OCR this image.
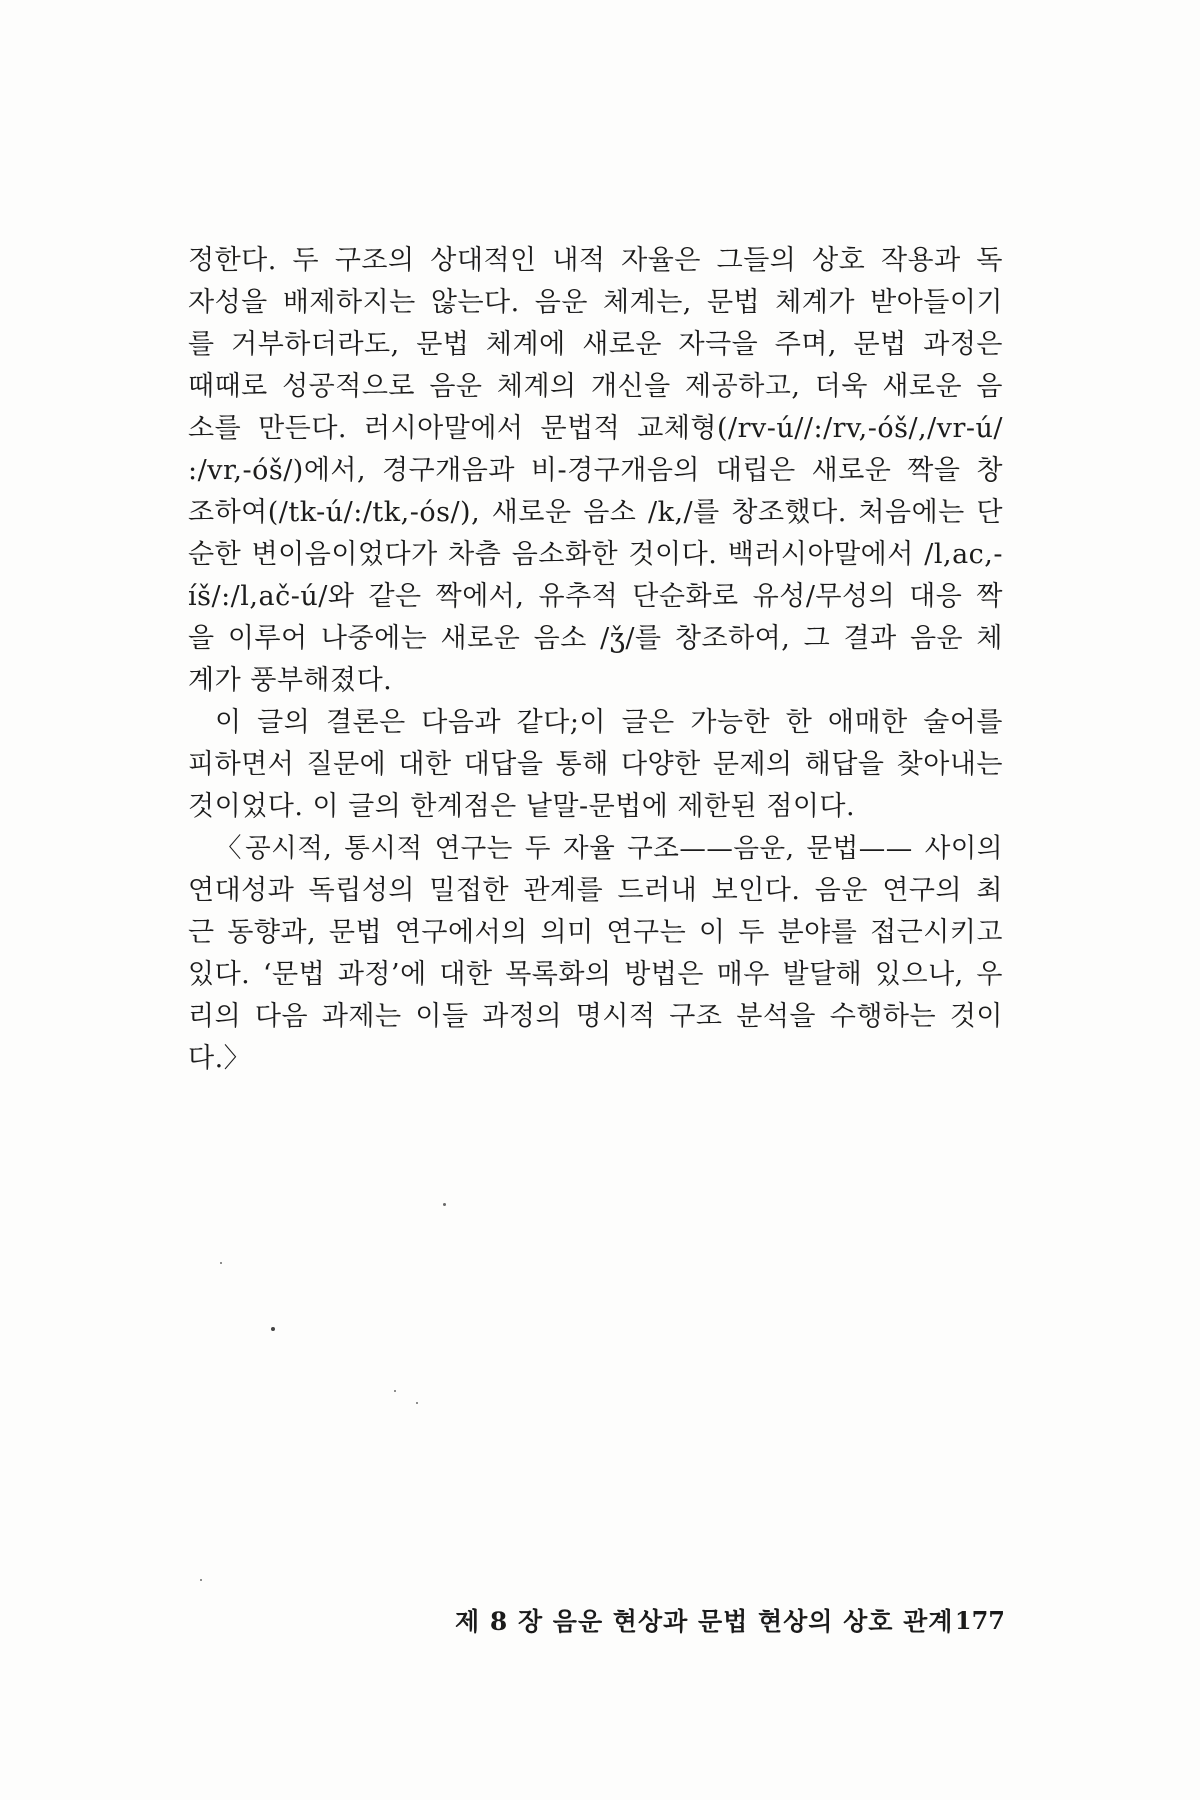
정한다. 두 구조의 상대적인 내적 자율은 그들의 상호 작용과 독
자성을 배제하지는 않는다. 음운 체계는, 문법 체계가 받아들이기
를 거부하더라도, 문법 체계에 새로운 자극을 주며, 문법 과정은
때때로 성공적으로 음운 체계의 개신을 제공하고, 더욱 새로운 음
소를 만든다. 러시아말에서 문법적 교체형(/rv-ú//:/rv,-óš/,/vr-ú/
:/vr,-óš/)에서, 경구개음과 비-경구개음의 대립은 새로운 짝을 창
조하여(/tk-ú/:/tk,-ós/), 새로운 음소 /k,/를 창조했다. 처음에는 단
순한 변이음이었다가 차츰 음소화한 것이다. 백러시아말에서 /l,ac,-
íš/:/l,ač-ú/와 같은 짝에서, 유추적 단순화로 유성/무성의 대응 짝
을 이루어 나중에는 새로운 음소 /ǯ/를 창조하여, 그 결과 음운 체
계가 풍부해졌다.
이 글의 결론은 다음과 같다;이 글은 가능한 한 애매한 술어를
피하면서 질문에 대한 대답을 통해 다양한 문제의 해답을 찾아내는
것이었다. 이 글의 한계점은 낱말-문법에 제한된 점이다.
〈공시적, 통시적 연구는 두 자율 구조——음운, 문법—— 사이의
연대성과 독립성의 밀접한 관계를 드러내 보인다. 음운 연구의 최
근 동향과, 문법 연구에서의 의미 연구는 이 두 분야를 접근시키고
있다. ‘문법 과정’에 대한 목록화의 방법은 매우 발달해 있으나, 우
리의 다음 과제는 이들 과정의 명시적 구조 분석을 수행하는 것이
다.〉
제 8 장 음운 현상과 문법 현상의 상호 관계 177
